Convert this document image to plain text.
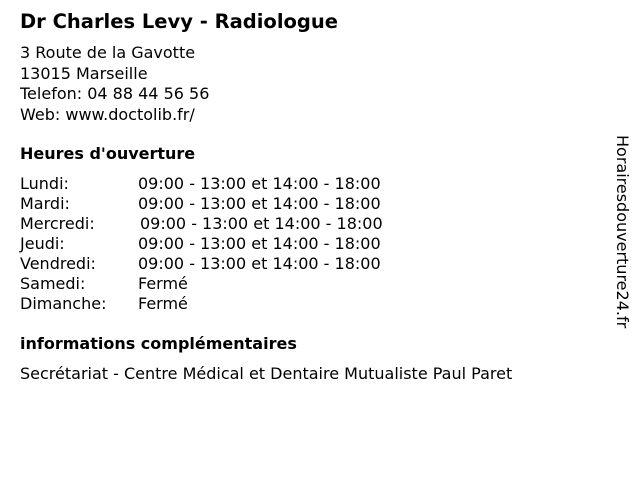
Dr Charles Levy - Radiologue
3 Route de la Gavotte
13015 Marseille
Telefon: 04 88 44 56 56
Web: www.doctolib.fr/
Heures d'ouverture
Lundi:	09:00 - 13:00 et 14:00 - 18:00
Mardi:	09:00 - 13:00 et 14:00 - 18:00
Mercredi:	09:00 - 13:00 et 14:00 - 18:00
Jeudi:	09:00 - 13:00 et 14:00 - 18:00
Vendredi:	09:00 - 13:00 et 14:00 - 18:00
Samedi:	Fermé
Dimanche: Fermé
informations complémentaires
Secrétariat - Centre Médical et Dentaire Mutualiste Paul Paret
Horairesdouverture24.fr
